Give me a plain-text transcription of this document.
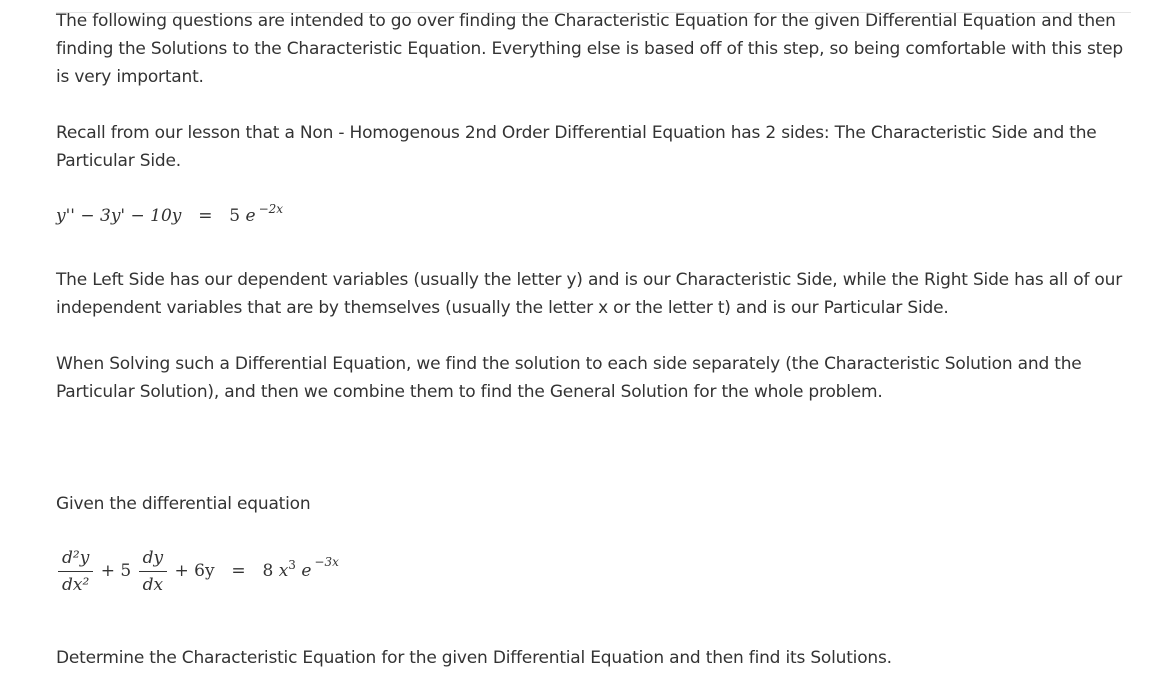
The following questions are intended to go over finding the Characteristic Equation for the given Differential Equation and then finding the Solutions to the Characteristic Equation. Everything else is based off of this step, so being comfortable with this step is very important.

Recall from our lesson that a Non - Homogenous 2nd Order Differential Equation has 2 sides: The Characteristic Side and the Particular Side.

y'' − 3y' − 10y = 5 e $^{-2x}$

The Left Side has our dependent variables (usually the letter y) and is our Characteristic Side, while the Right Side has all of our independent variables that are by themselves (usually the letter x or the letter t) and is our Particular Side.

When Solving such a Differential Equation, we find the solution to each side separately (the Characteristic Solution and the Particular Solution), and then we combine them to find the General Solution for the whole problem.

Given the differential equation

$\frac{\text{d²y}}{\text{dx²}} + 5 \frac{dy}{dx} + 6y = 8$ $x^3$ e $^{-3x}$

Determine the Characteristic Equation for the given Differential Equation and then find its Solutions.
